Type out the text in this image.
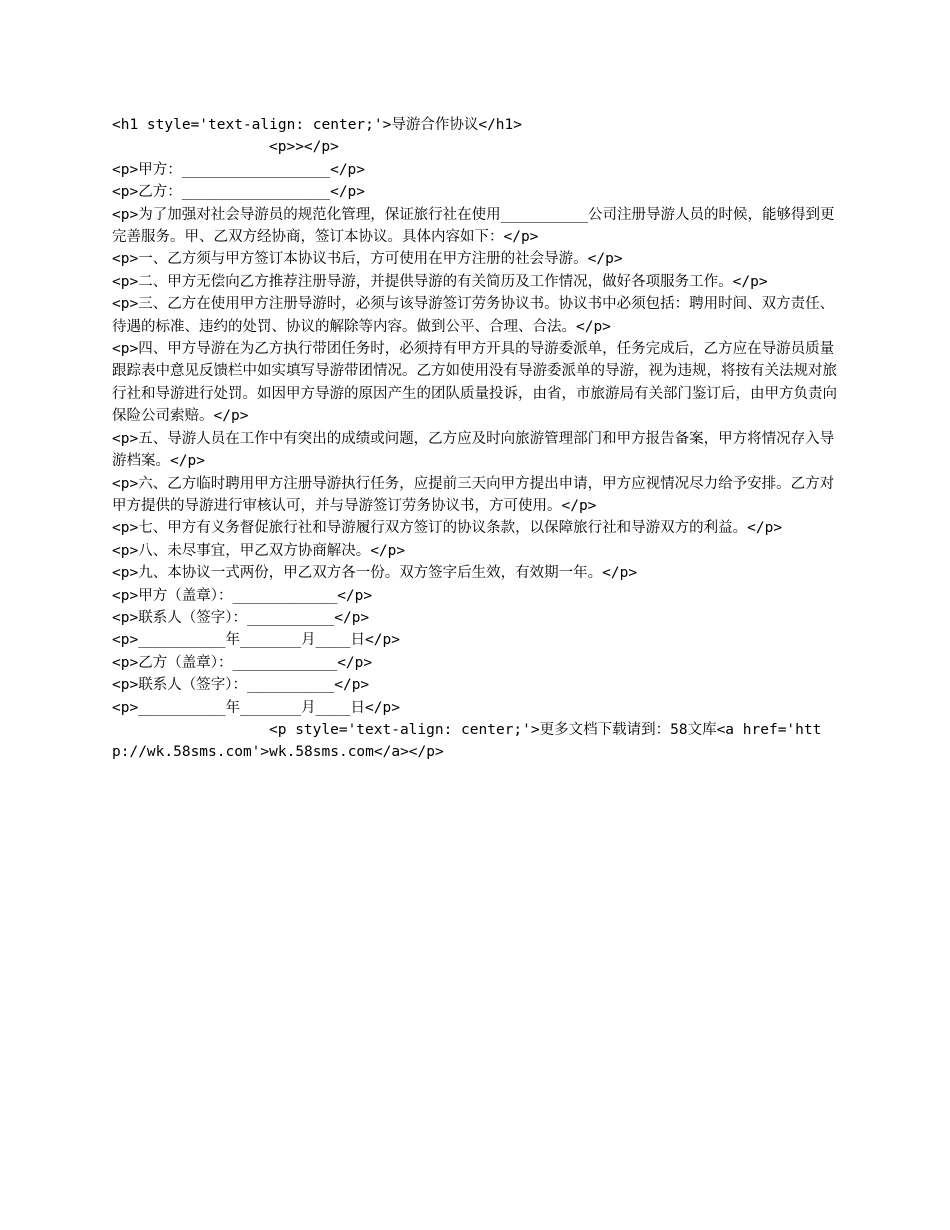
<h1 style='text-align: center;'>导游合作协议</h1>

<p>></p>

<p>甲方：_________________</p>

<p>乙方：_________________</p>

<p>为了加强对社会导游员的规范化管理，保证旅行社在使用__________公司注册导游人员的时候，能够得到更完善服务。甲、乙双方经协商，签订本协议。具体内容如下：</p>

<p>一、乙方须与甲方签订本协议书后，方可使用在甲方注册的社会导游。</p>

<p>二、甲方无偿向乙方推荐注册导游，并提供导游的有关简历及工作情况，做好各项服务工作。</p>

<p>三、乙方在使用甲方注册导游时，必须与该导游签订劳务协议书。协议书中必须包括：聘用时间、双方责任、待遇的标准、违约的处罚、协议的解除等内容。做到公平、合理、合法。</p>

<p>四、甲方导游在为乙方执行带团任务时，必须持有甲方开具的导游委派单，任务完成后，乙方应在导游员质量跟踪表中意见反馈栏中如实填写导游带团情况。乙方如使用没有导游委派单的导游，视为违规，将按有关法规对旅行社和导游进行处罚。如因甲方导游的原因产生的团队质量投诉，由省，市旅游局有关部门鉴订后，由甲方负责向保险公司索赔。</p>

<p>五、导游人员在工作中有突出的成绩或问题，乙方应及时向旅游管理部门和甲方报告备案，甲方将情况存入导游档案。</p>

<p>六、乙方临时聘用甲方注册导游执行任务，应提前三天向甲方提出申请，甲方应视情况尽力给予安排。乙方对甲方提供的导游进行审核认可，并与导游签订劳务协议书，方可使用。</p>

<p>七、甲方有义务督促旅行社和导游履行双方签订的协议条款，以保障旅行社和导游双方的利益。</p>

<p>八、未尽事宜，甲乙双方协商解决。</p>

<p>九、本协议一式两份，甲乙双方各一份。双方签字后生效，有效期一年。</p>

<p>甲方（盖章）：____________</p>

<p>联系人（签字）：__________</p>

<p>__________年_______月____日</p>

<p>乙方（盖章）：____________</p>

<p>联系人（签字）：__________</p>

<p>__________年_______月____日</p>

<p style='text-align: center;'>更多文档下载请到：58文库<a href='http://wk.58sms.com'>wk.58sms.com</a></p>
